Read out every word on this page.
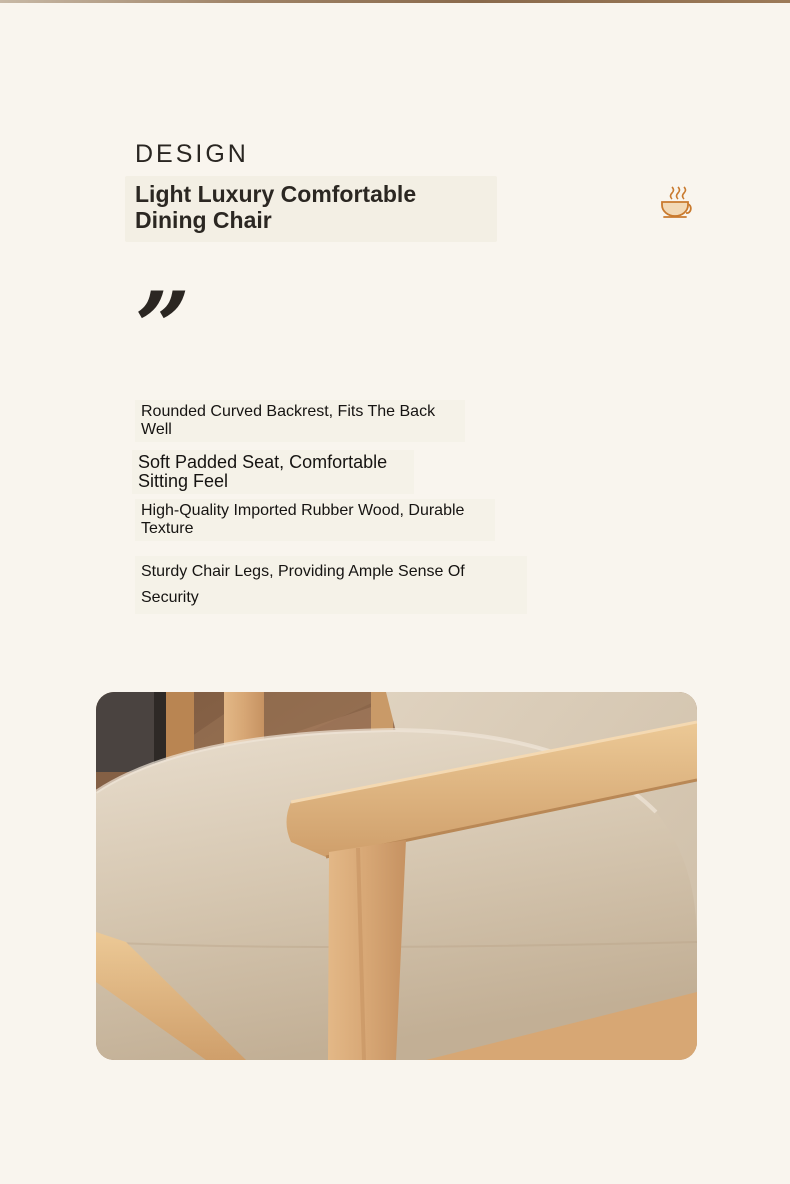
DESIGN
Light Luxury Comfortable Dining Chair
”
Rounded Curved Backrest, Fits The Back Well
Soft Padded Seat, Comfortable Sitting Feel
High-Quality Imported Rubber Wood, Durable Texture
Sturdy Chair Legs, Providing Ample Sense Of Security
